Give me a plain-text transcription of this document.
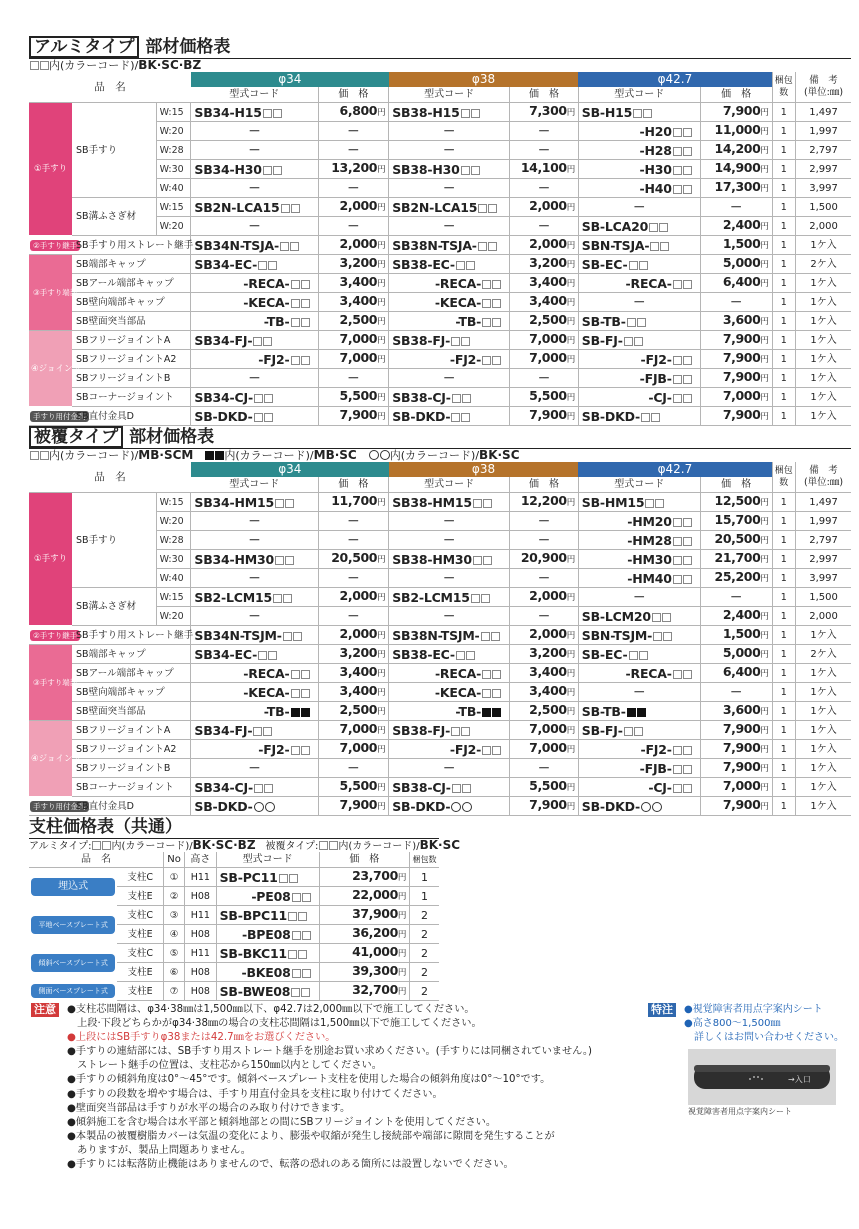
アルミタイプ 部材価格表
内(カラーコード)/BK·SC·BZ
品　名			φ34		φ38		φ42.7		梱包
数	備　考
(単位:㎜)
			型式コード	価　格	型式コード	価　格	型式コード	価　格		
①手すり	SB手すり	W:15	SB34-H15	6,800円	SB38-H15	7,300円	SB-H15	7,900円	1	1,497
		W:20	－	－	－	－	-H20	11,000円	1	1,997
		W:28	－	－	－	－	-H28	14,200円	1	2,797
		W:30	SB34-H30	13,200円	SB38-H30	14,100円	-H30	14,900円	1	2,997
		W:40	－	－	－	－	-H40	17,300円	1	3,997
	SB溝ふさぎ材	W:15	SB2N-LCA15	2,000円	SB2N-LCA15	2,000円	－	－	1	1,500
		W:20	－	－	－	－	SB-LCA20	2,400円	1	2,000
②手すり継手	SB手すり用ストレート継手		SB34N-TSJA-	2,000円	SB38N-TSJA-	2,000円	SBN-TSJA-	1,500円	1	1ケ入
③手すり端部	SB端部キャップ		SB34-EC-	3,200円	SB38-EC-	3,200円	SB-EC-	5,000円	1	2ケ入
	SBアール端部キャップ		-RECA-	3,400円	-RECA-	3,400円	-RECA-	6,400円	1	1ケ入
	SB壁向端部キャップ		-KECA-	3,400円	-KECA-	3,400円	－	－	1	1ケ入
	SB壁面突当部品		-TB-	2,500円	-TB-	2,500円	SB-TB-	3,600円	1	1ケ入
④ジョイント	SBフリージョイントA		SB34-FJ-	7,000円	SB38-FJ-	7,000円	SB-FJ-	7,900円	1	1ケ入
	SBフリージョイントA2		-FJ2-	7,000円	-FJ2-	7,000円	-FJ2-	7,900円	1	1ケ入
	SBフリージョイントB		－	－	－	－	-FJB-	7,900円	1	1ケ入
	SBコーナージョイント		SB34-CJ-	5,500円	SB38-CJ-	5,500円	-CJ-	7,000円	1	1ケ入
手すり用付金具	SB直付金具D		SB-DKD-	7,900円	SB-DKD-	7,900円	SB-DKD-	7,900円	1	1ケ入
被覆タイプ 部材価格表
内(カラーコード)/MB·SCM　	内(カラーコード)/MB·SC　	内(カラーコード)/BK·SC
品　名			φ34		φ38		φ42.7		梱包
数	備　考
(単位:㎜)
			型式コード	価　格	型式コード	価　格	型式コード	価　格		
①手すり	SB手すり	W:15	SB34-HM15	11,700円	SB38-HM15	12,200円	SB-HM15	12,500円	1	1,497
		W:20	－	－	－	－	-HM20	15,700円	1	1,997
		W:28	－	－	－	－	-HM28	20,500円	1	2,797
		W:30	SB34-HM30	20,500円	SB38-HM30	20,900円	-HM30	21,700円	1	2,997
		W:40	－	－	－	－	-HM40	25,200円	1	3,997
	SB溝ふさぎ材	W:15	SB2-LCM15	2,000円	SB2-LCM15	2,000円	－	－	1	1,500
		W:20	－	－	－	－	SB-LCM20	2,400円	1	2,000
②手すり継手	SB手すり用ストレート継手		SB34N-TSJM-	2,000円	SB38N-TSJM-	2,000円	SBN-TSJM-	1,500円	1	1ケ入
③手すり端部	SB端部キャップ		SB34-EC-	3,200円	SB38-EC-	3,200円	SB-EC-	5,000円	1	2ケ入
	SBアール端部キャップ		-RECA-	3,400円	-RECA-	3,400円	-RECA-	6,400円	1	1ケ入
	SB壁向端部キャップ		-KECA-	3,400円	-KECA-	3,400円	－	－	1	1ケ入
	SB壁面突当部品		-TB-	2,500円	-TB-	2,500円	SB-TB-	3,600円	1	1ケ入
④ジョイント	SBフリージョイントA		SB34-FJ-	7,000円	SB38-FJ-	7,000円	SB-FJ-	7,900円	1	1ケ入
	SBフリージョイントA2		-FJ2-	7,000円	-FJ2-	7,000円	-FJ2-	7,900円	1	1ケ入
	SBフリージョイントB		－	－	－	－	-FJB-	7,900円	1	1ケ入
	SBコーナージョイント		SB34-CJ-	5,500円	SB38-CJ-	5,500円	-CJ-	7,000円	1	1ケ入
手すり用付金具	SB直付金具D		SB-DKD-	7,900円	SB-DKD-	7,900円	SB-DKD-	7,900円	1	1ケ入
支柱価格表（共通）
アルミタイプ: 内(カラーコード)/BK·SC·BZ　 被覆タイプ: 内(カラーコード)/BK·SC
品　名		No	高さ	型式コード	価　格	梱包数

埋込式	支柱C	①	H11	SB-PC11	23,700円	1
	支柱E	②	H08	-PE08	22,000円	1

平地ベースプレート式	支柱C	③	H11	SB-BPC11	37,900円	2
	支柱E	④	H08	-BPE08	36,200円	2

傾斜ベースプレート式	支柱C	⑤	H11	SB-BKC11	41,000円	2
	支柱E	⑥	H08	-BKE08	39,300円	2

側面ベースプレート式	支柱E	⑦	H08	SB-BWE08	32,700円	2
注意	●支柱芯間隔は、φ34·38㎜は1,500㎜以下、φ42.7は2,000㎜以下で施工してください。
　上段·下段どちらかがφ34·38㎜の場合の支柱芯間隔は1,500㎜以下で施工してください。
●上段にはSB手すりφ38または42.7㎜をお選びください。
●手すりの連結部には、SB手すり用ストレート継手を別途お買い求めください。(手すりには同梱されていません。)
　ストレート継手の位置は、支柱芯から150㎜以内としてください。
●手すりの傾斜角度は0°～45°です。傾斜ベースプレート支柱を使用した場合の傾斜角度は0°～10°です。
●手すりの段数を増やす場合は、手すり用直付金具を支柱に取り付けてください。
●壁面突当部品は手すりが水平の場合のみ取り付けできます。
●傾斜施工を含む場合は水平部と傾斜地部との間にSBフリージョイントを使用してください。
●本製品の被覆樹脂カバーは気温の変化により、膨張や収縮が発生し接続部や端部に隙間を発生することが
　ありますが、製品上問題ありません。
●手すりには転落防止機能はありませんので、転落の恐れのある箇所には設置しないでください。
特注	●視覚障害者用点字案内シート
●高さ800～1,500㎜
　詳しくはお問い合わせください。
→入口
視覚障害者用点字案内シート
